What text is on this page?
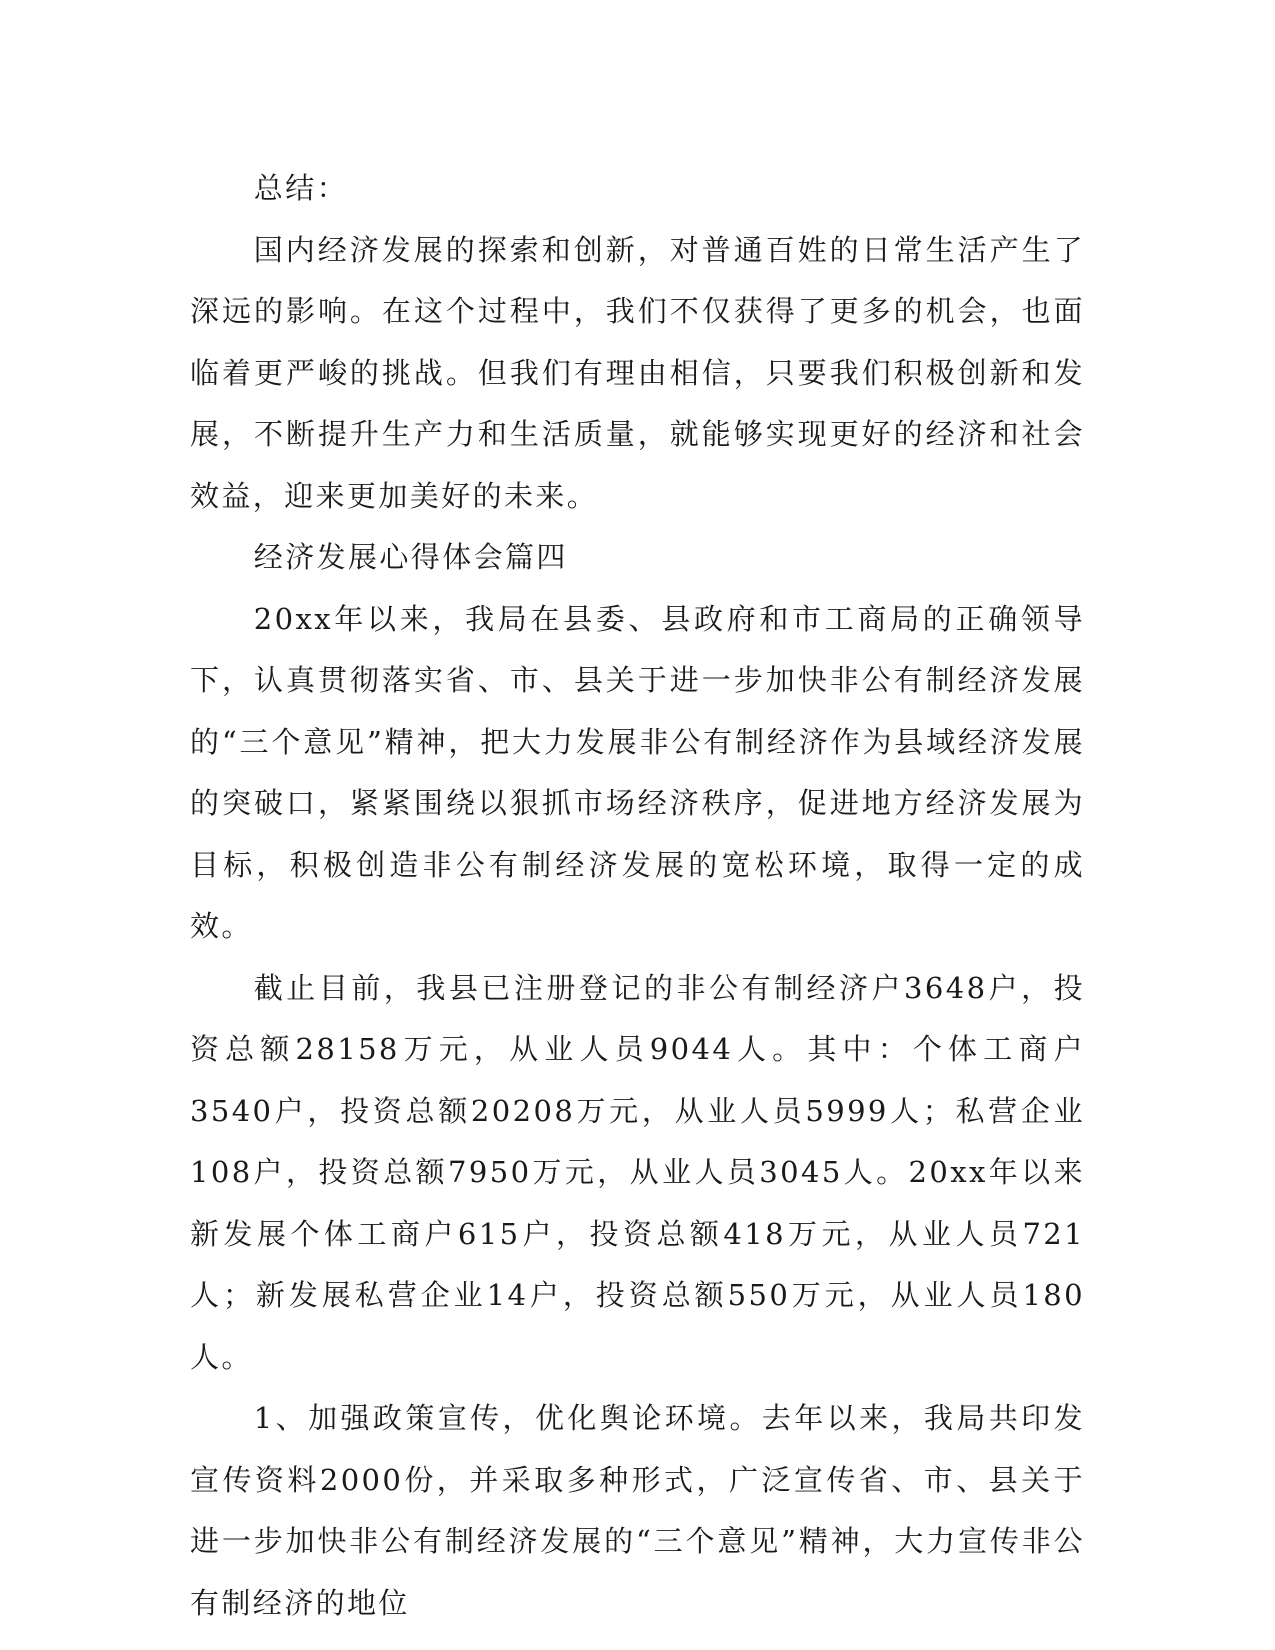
总结：

国内经济发展的探索和创新，对普通百姓的日常生活产生了深远的影响。在这个过程中，我们不仅获得了更多的机会，也面临着更严峻的挑战。但我们有理由相信，只要我们积极创新和发展，不断提升生产力和生活质量，就能够实现更好的经济和社会效益，迎来更加美好的未来。

经济发展心得体会篇四

20xx年以来，我局在县委、县政府和市工商局的正确领导下，认真贯彻落实省、市、县关于进一步加快非公有制经济发展的“三个意见”精神，把大力发展非公有制经济作为县域经济发展的突破口，紧紧围绕以狠抓市场经济秩序，促进地方经济发展为目标，积极创造非公有制经济发展的宽松环境，取得一定的成效。

截止目前，我县已注册登记的非公有制经济户3648户，投资总额28158万元，从业人员9044人。其中：个体工商户3540户，投资总额20208万元，从业人员5999人；私营企业108户，投资总额7950万元，从业人员3045人。20xx年以来新发展个体工商户615户，投资总额418万元，从业人员721人；新发展私营企业14户，投资总额550万元，从业人员180人。

1、加强政策宣传，优化舆论环境。去年以来，我局共印发宣传资料2000份，并采取多种形式，广泛宣传省、市、县关于进一步加快非公有制经济发展的“三个意见”精神，大力宣传非公有制经济的地位
